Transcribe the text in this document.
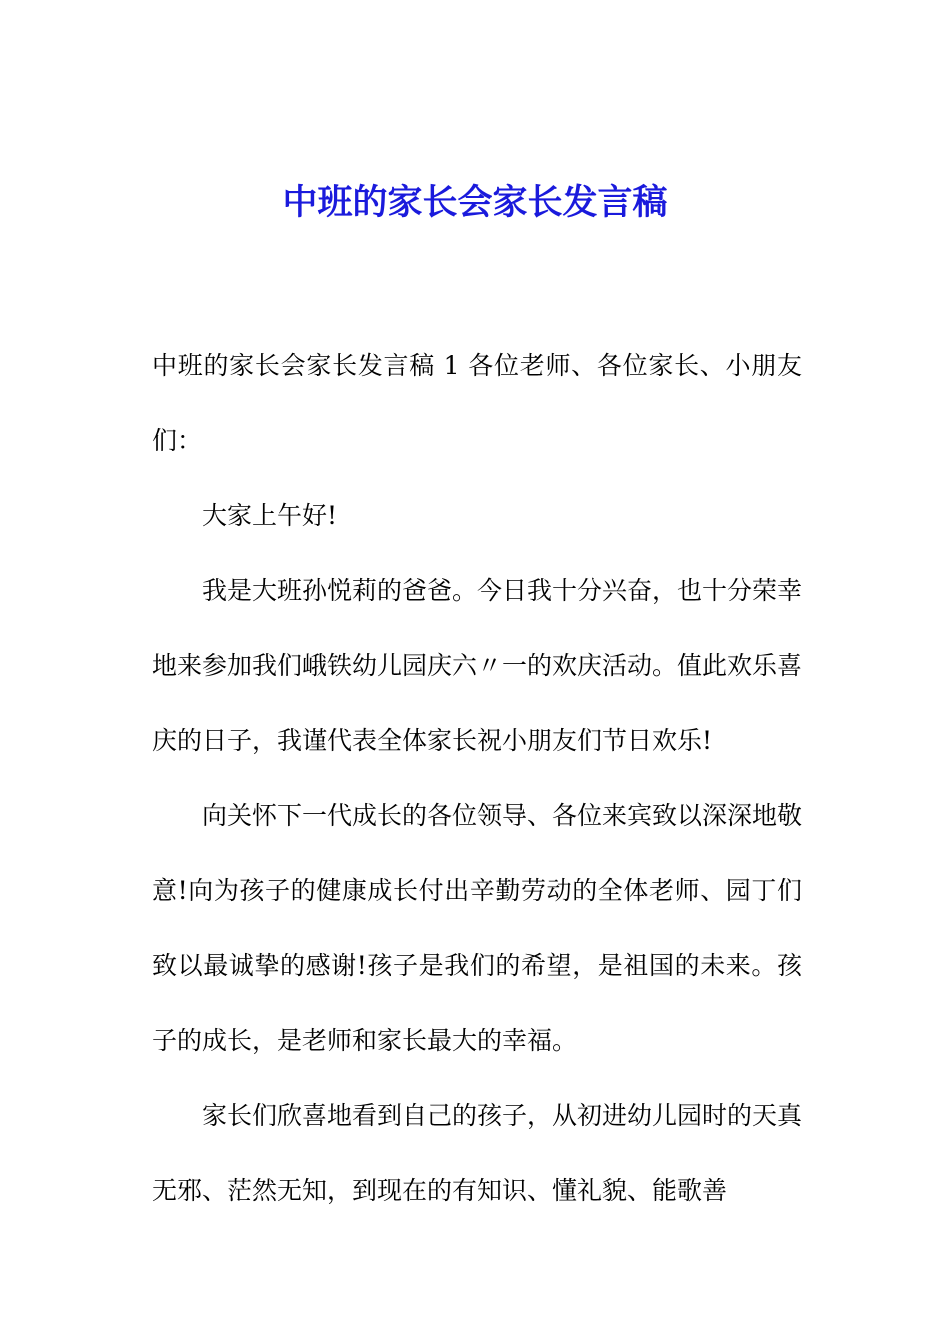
中班的家长会家长发言稿

中班的家长会家长发言稿 1 各位老师、各位家长、小朋友们：

大家上午好!

我是大班孙悦莉的爸爸。今日我十分兴奋，也十分荣幸地来参加我们峨铁幼儿园庆六〃一的欢庆活动。值此欢乐喜庆的日子，我谨代表全体家长祝小朋友们节日欢乐!

向关怀下一代成长的各位领导、各位来宾致以深深地敬意!向为孩子的健康成长付出辛勤劳动的全体老师、园丁们致以最诚挚的感谢!孩子是我们的希望，是祖国的未来。孩子的成长，是老师和家长最大的幸福。

家长们欣喜地看到自己的孩子，从初进幼儿园时的天真无邪、茫然无知，到现在的有知识、懂礼貌、能歌善
